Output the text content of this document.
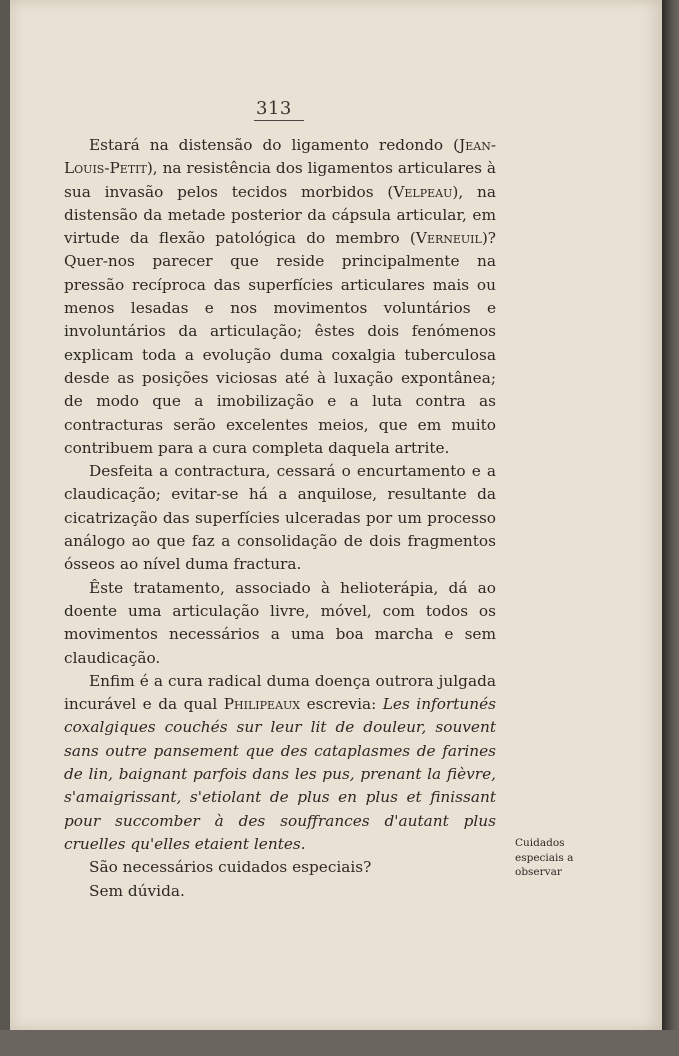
313

Estará na distensão do ligamento redondo (Jean-Louis-Petit), na resistência dos ligamentos articulares à sua invasão pelos tecidos morbidos (Velpeau), na distensão da metade posterior da cápsula articular, em virtude da flexão patológica do membro (Verneuil)? Quer-nos parecer que reside principalmente na pressão recíproca das superfícies articulares mais ou menos lesadas e nos movimentos voluntários e involuntários da articulação; êstes dois fenómenos explicam toda a evolução duma coxalgia tuberculosa desde as posições viciosas até à luxação expontânea; de modo que a imobilização e a luta contra as contracturas serão excelentes meios, que em muito contribuem para a cura completa daquela artrite.

Desfeita a contractura, cessará o encurtamento e a claudicação; evitar-se há a anquilose, resultante da cicatrização das superfícies ulceradas por um processo análogo ao que faz a consolidação de dois fragmentos ósseos ao nível duma fractura.

Êste tratamento, associado à helioterápia, dá ao doente uma articulação livre, móvel, com todos os movimentos necessários a uma boa marcha e sem claudicação.

Enfim é a cura radical duma doença outrora julgada incurável e da qual Philipeaux escrevia: Les infortunés coxalgiques couchés sur leur lit de douleur, souvent sans outre pansement que des cataplasmes de farines de lin, baignant parfois dans les pus, prenant la fièvre, s'amaigrissant, s'etiolant de plus en plus et finissant pour succomber à des souffrances d'autant plus cruelles qu'elles etaient lentes.

São necessários cuidados especiais?

Sem dúvida.

Cuidados especiais a observar
